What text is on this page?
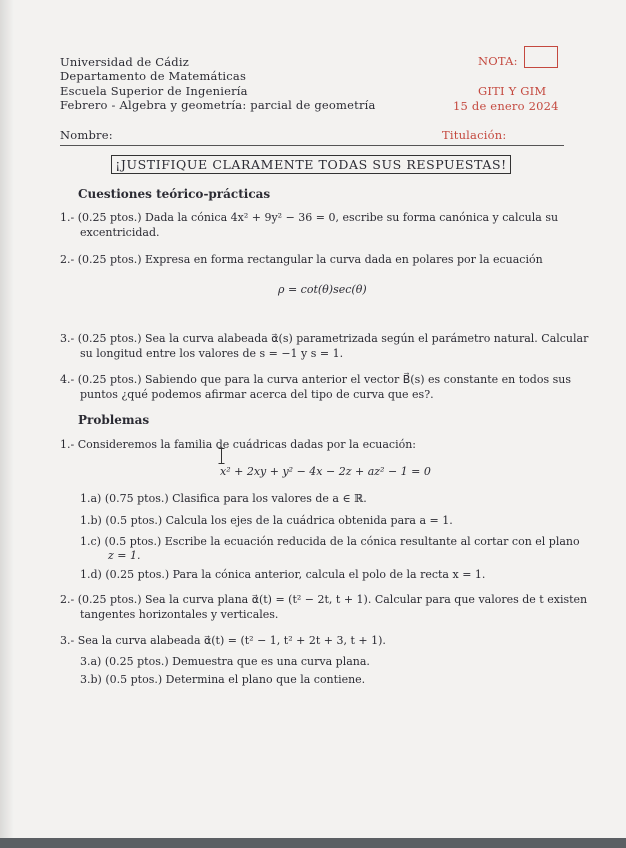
Universidad de Cádiz
Departamento de Matemáticas
Escuela Superior de Ingeniería
Febrero - Algebra y geometría: parcial de geometría
NOTA:
GITI Y GIM
15 de enero 2024
Nombre:	Titulación:
¡JUSTIFIQUE CLARAMENTE TODAS SUS RESPUESTAS!
Cuestiones teórico-prácticas
1.- (0.25 ptos.) Dada la cónica 4x² + 9y² − 36 = 0, escribe su forma canónica y calcula su
excentricidad.
2.- (0.25 ptos.) Expresa en forma rectangular la curva dada en polares por la ecuación
ρ = cot(θ)sec(θ)
3.- (0.25 ptos.) Sea la curva alabeada α⃗(s) parametrizada según el parámetro natural. Calcular
su longitud entre los valores de s = −1 y s = 1.
4.- (0.25 ptos.) Sabiendo que para la curva anterior el vector B⃗(s) es constante en todos sus
puntos ¿qué podemos afirmar acerca del tipo de curva que es?.
Problemas
1.- Consideremos la familia de cuádricas dadas por la ecuación:
x² + 2xy + y² − 4x − 2z + az² − 1 = 0
1.a) (0.75 ptos.) Clasifica para los valores de a ∈ ℝ.
1.b) (0.5 ptos.) Calcula los ejes de la cuádrica obtenida para a = 1.
1.c) (0.5 ptos.) Escribe la ecuación reducida de la cónica resultante al cortar con el plano
z = 1.
1.d) (0.25 ptos.) Para la cónica anterior, calcula el polo de la recta x = 1.
2.- (0.25 ptos.) Sea la curva plana α⃗(t) = (t² − 2t, t + 1). Calcular para que valores de t existen
tangentes horizontales y verticales.
3.- Sea la curva alabeada α⃗(t) = (t² − 1, t² + 2t + 3, t + 1).
3.a) (0.25 ptos.) Demuestra que es una curva plana.
3.b) (0.5 ptos.) Determina el plano que la contiene.
